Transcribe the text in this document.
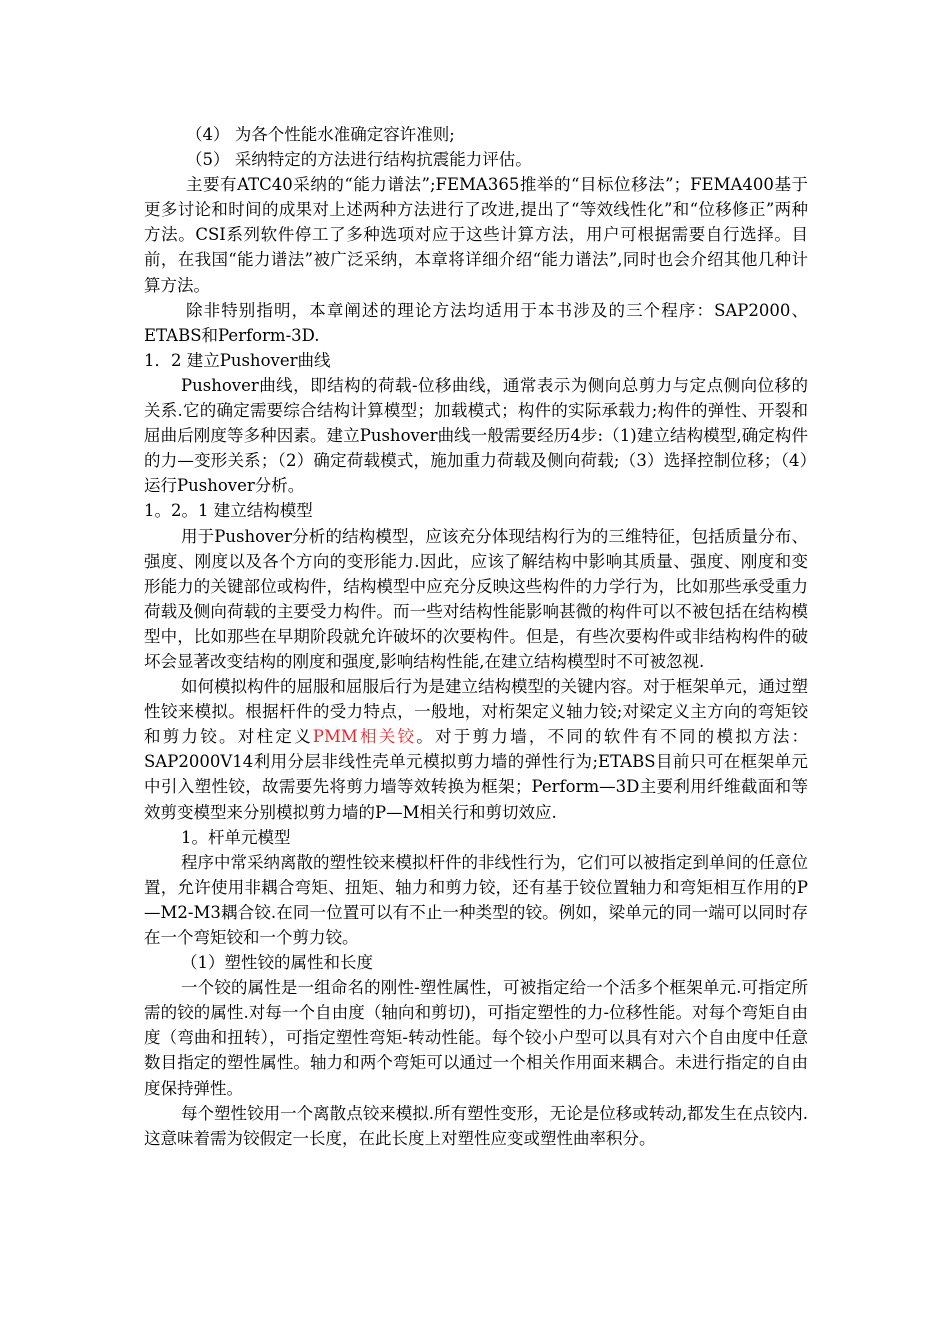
（4） 为各个性能水准确定容许准则;

（5） 采纳特定的方法进行结构抗震能力评估。

主要有ATC40采纳的“能力谱法”;FEMA365推举的“目标位移法”；FEMA400基于更多讨论和时间的成果对上述两种方法进行了改进,提出了“等效线性化”和“位移修正”两种方法。CSI系列软件停工了多种选项对应于这些计算方法，用户可根据需要自行选择。目前，在我国“能力谱法”被广泛采纳，本章将详细介绍“能力谱法”,同时也会介绍其他几种计算方法。

除非特别指明，本章阐述的理论方法均适用于本书涉及的三个程序：SAP2000、ETABS和Perform-3D.

1．2 建立Pushover曲线

Pushover曲线，即结构的荷载-位移曲线，通常表示为侧向总剪力与定点侧向位移的关系.它的确定需要综合结构计算模型；加载模式；构件的实际承载力;构件的弹性、开裂和屈曲后刚度等多种因素。建立Pushover曲线一般需要经历4步:（1)建立结构模型,确定构件的力—变形关系；（2）确定荷载模式，施加重力荷载及侧向荷载;（3）选择控制位移；（4）运行Pushover分析。

1。2。1 建立结构模型

用于Pushover分析的结构模型，应该充分体现结构行为的三维特征，包括质量分布、强度、刚度以及各个方向的变形能力.因此，应该了解结构中影响其质量、强度、刚度和变形能力的关键部位或构件，结构模型中应充分反映这些构件的力学行为，比如那些承受重力荷载及侧向荷载的主要受力构件。而一些对结构性能影响甚微的构件可以不被包括在结构模型中，比如那些在早期阶段就允许破坏的次要构件。但是，有些次要构件或非结构构件的破坏会显著改变结构的刚度和强度,影响结构性能,在建立结构模型时不可被忽视.

如何模拟构件的屈服和屈服后行为是建立结构模型的关键内容。对于框架单元，通过塑性铰来模拟。根据杆件的受力特点，一般地，对桁架定义轴力铰;对梁定义主方向的弯矩铰和剪力铰。对柱定义PMM相关铰。对于剪力墙，不同的软件有不同的模拟方法：SAP2000V14利用分层非线性壳单元模拟剪力墙的弹性行为;ETABS目前只可在框架单元中引入塑性铰，故需要先将剪力墙等效转换为框架；Perform—3D主要利用纤维截面和等效剪变模型来分别模拟剪力墙的P—M相关行和剪切效应.

1。杆单元模型

程序中常采纳离散的塑性铰来模拟杆件的非线性行为，它们可以被指定到单间的任意位置，允许使用非耦合弯矩、扭矩、轴力和剪力铰，还有基于铰位置轴力和弯矩相互作用的P—M2-M3耦合铰.在同一位置可以有不止一种类型的铰。例如，梁单元的同一端可以同时存在一个弯矩铰和一个剪力铰。

（1）塑性铰的属性和长度

一个铰的属性是一组命名的刚性-塑性属性，可被指定给一个活多个框架单元.可指定所需的铰的属性.对每一个自由度（轴向和剪切)，可指定塑性的力-位移性能。对每个弯矩自由度（弯曲和扭转），可指定塑性弯矩-转动性能。每个铰小户型可以具有对六个自由度中任意数目指定的塑性属性。轴力和两个弯矩可以通过一个相关作用面来耦合。未进行指定的自由度保持弹性。

每个塑性铰用一个离散点铰来模拟.所有塑性变形，无论是位移或转动,都发生在点铰内.这意味着需为铰假定一长度，在此长度上对塑性应变或塑性曲率积分。
